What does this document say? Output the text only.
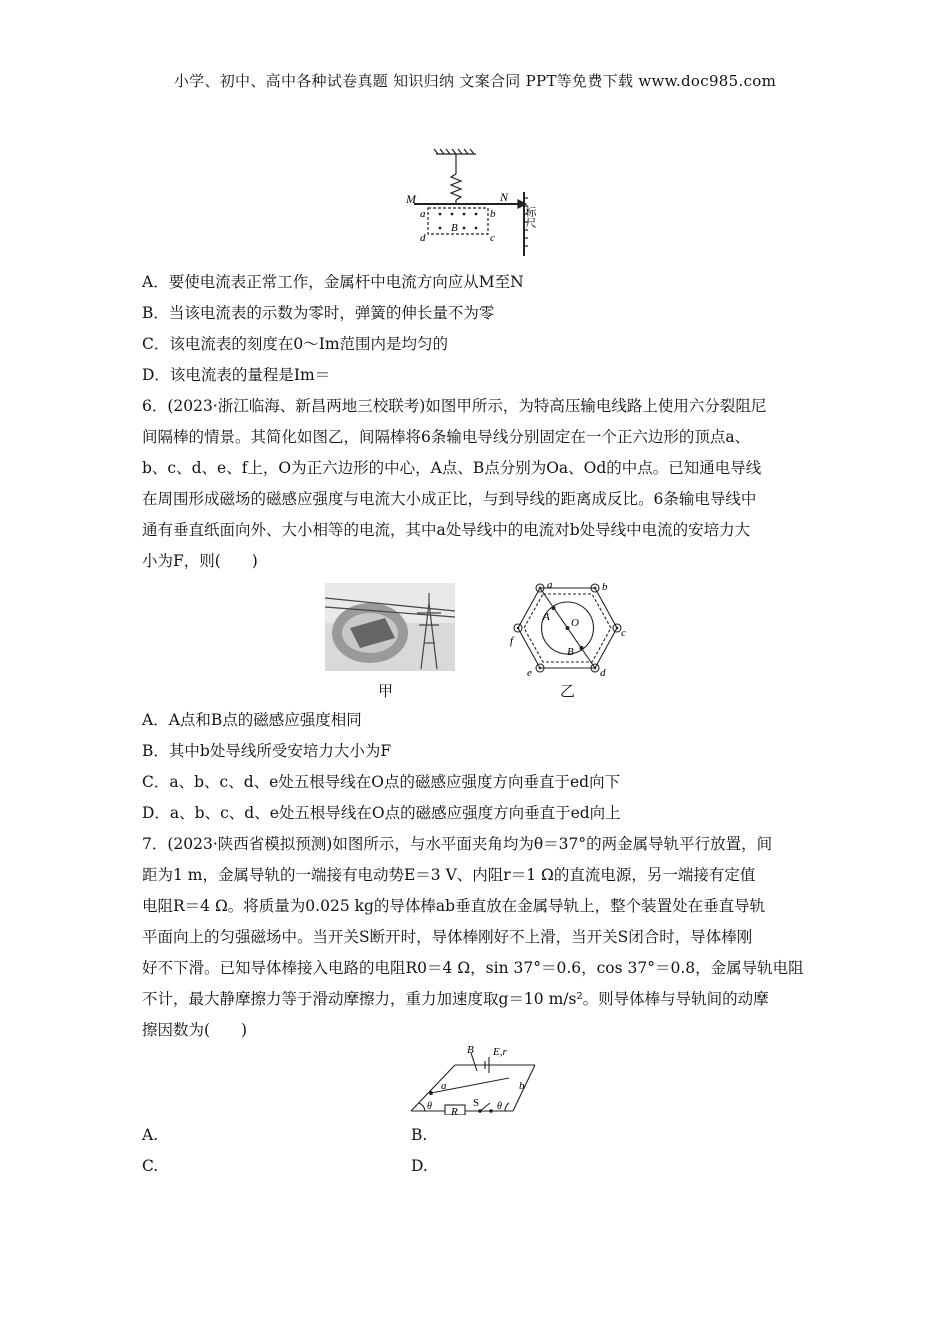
小学、初中、高中各种试卷真题 知识归纳 文案合同 PPT等免费下载 www.doc985.com
M	N
a	b
c
d
B	标尺
A．要使电流表正常工作，金属杆中电流方向应从M至N
B．当该电流表的示数为零时，弹簧的伸长量不为零
C．该电流表的刻度在0～Im范围内是均匀的
D．该电流表的量程是Im＝
6．(2023·浙江临海、新昌两地三校联考)如图甲所示，为特高压输电线路上使用六分裂阻尼
间隔棒的情景。其简化如图乙，间隔棒将6条输电导线分别固定在一个正六边形的顶点a、
b、c、d、e、f上，O为正六边形的中心，A点、B点分别为Oa、Od的中点。已知通电导线
在周围形成磁场的磁感应强度与电流大小成正比，与到导线的距离成反比。6条输电导线中
通有垂直纸面向外、大小相等的电流，其中a处导线中的电流对b处导线中电流的安培力大
小为F，则(　　)
甲
a	b
c
d
e
f
A O
B
乙
A．A点和B点的磁感应强度相同
B．其中b处导线所受安培力大小为F
C．a、b、c、d、e处五根导线在O点的磁感应强度方向垂直于ed向下
D．a、b、c、d、e处五根导线在O点的磁感应强度方向垂直于ed向上
7．(2023·陕西省模拟预测)如图所示，与水平面夹角均为θ＝37°的两金属导轨平行放置，间
距为1 m，金属导轨的一端接有电动势E＝3 V、内阻r＝1 Ω的直流电源，另一端接有定值
电阻R＝4 Ω。将质量为0.025 kg的导体棒ab垂直放在金属导轨上，整个装置处在垂直导轨
平面向上的匀强磁场中。当开关S断开时，导体棒刚好不上滑，当开关S闭合时，导体棒刚
好不下滑。已知导体棒接入电路的电阻R0＝4 Ω，sin 37°＝0.6，cos 37°＝0.8，金属导轨电阻
不计，最大静摩擦力等于滑动摩擦力，重力加速度取g＝10 m/s²。则导体棒与导轨间的动摩
擦因数为(　　)
B E,r
a	b
R
S
θ	θ
A.	B.
C.	D.
